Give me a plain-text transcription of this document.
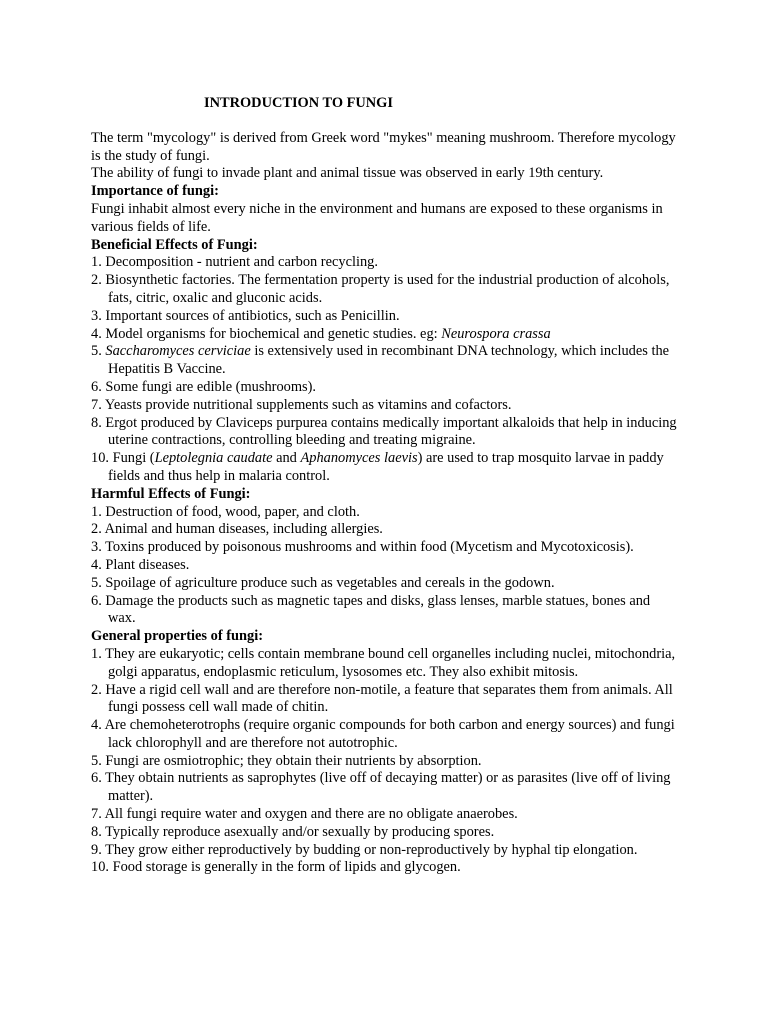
INTRODUCTION TO FUNGI

The term "mycology" is derived from Greek word "mykes" meaning mushroom. Therefore mycology is the study of fungi.

The ability of fungi to invade plant and animal tissue was observed in early 19th century.

Importance of fungi:

Fungi inhabit almost every niche in the environment and humans are exposed to these organisms in various fields of life.

Beneficial Effects of Fungi:

1. Decomposition - nutrient and carbon recycling.
2. Biosynthetic factories. The fermentation property is used for the industrial production of alcohols, fats, citric, oxalic and gluconic acids.
3. Important sources of antibiotics, such as Penicillin.
4. Model organisms for biochemical and genetic studies. eg: Neurospora crassa
5. Saccharomyces cerviciae is extensively used in recombinant DNA technology, which includes the Hepatitis B Vaccine.
6. Some fungi are edible (mushrooms).
7. Yeasts provide nutritional supplements such as vitamins and cofactors.
8. Ergot produced by Claviceps purpurea contains medically important alkaloids that help in inducing uterine contractions, controlling bleeding and treating migraine.
10. Fungi (Leptolegnia caudate and Aphanomyces laevis) are used to trap mosquito larvae in paddy fields and thus help in malaria control.

Harmful Effects of Fungi:

1. Destruction of food, wood, paper, and cloth.
2. Animal and human diseases, including allergies.
3. Toxins produced by poisonous mushrooms and within food (Mycetism and Mycotoxicosis).
4. Plant diseases.
5. Spoilage of agriculture produce such as vegetables and cereals in the godown.
6. Damage the products such as magnetic tapes and disks, glass lenses, marble statues, bones and wax.

General properties of fungi:

1. They are eukaryotic; cells contain membrane bound cell organelles including nuclei, mitochondria, golgi apparatus, endoplasmic reticulum, lysosomes etc. They also exhibit mitosis.
2. Have a rigid cell wall and are therefore non-motile, a feature that separates them from animals. All fungi possess cell wall made of chitin.
4. Are chemoheterotrophs (require organic compounds for both carbon and energy sources) and fungi lack chlorophyll and are therefore not autotrophic.
5. Fungi are osmiotrophic; they obtain their nutrients by absorption.
6. They obtain nutrients as saprophytes (live off of decaying matter) or as parasites (live off of living matter).
7. All fungi require water and oxygen and there are no obligate anaerobes.
8. Typically reproduce asexually and/or sexually by producing spores.
9. They grow either reproductively by budding or non-reproductively by hyphal tip elongation.
10. Food storage is generally in the form of lipids and glycogen.
